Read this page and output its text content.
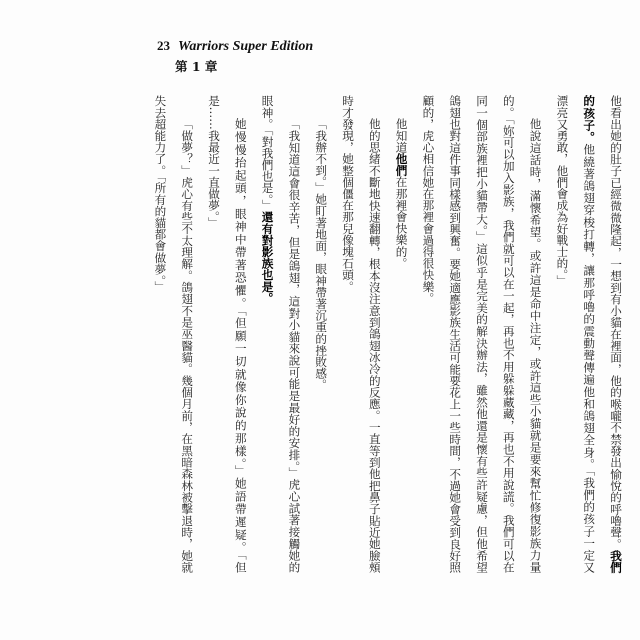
23 Warriors Super Edition
第 1 章
他看出她的肚子已經微微隆起，一想到有小貓在裡面，他的喉嚨不禁發出愉悅的呼嚕聲。我們
的孩子。他繞著鴿翅穿梭打轉，讓那呼嚕的震動聲傳遍他和鴿翅全身。「我們的孩子一定又
漂亮又勇敢，他們會成為好戰士的。」
他說這話時，滿懷希望。或許這是命中注定，或許這些小貓就是要來幫忙修復影族力量
的。「妳可以加入影族，我們就可以在一起，再也不用躲躲藏藏，再也不用說謊。我們可以在
同一個部族裡把小貓帶大。」這似乎是完美的解決辦法，雖然他還是懷有些許疑慮，但他希望
鴿翅也對這件事同樣感到興奮。要她適應影族生活可能要花上一些時間，不過她會受到良好照
顧的，虎心相信她在那裡會過得很快樂。
他知道他們在那裡會快樂的。
他的思緒不斷地快速翻轉，根本沒注意到鴿翅冰冷的反應。一直等到他把鼻子貼近她臉頰
時才發現，她整個僵在那兒像塊石頭。
「我辦不到。」她盯著地面，眼神帶著沉重的挫敗感。
「我知道這會很辛苦，但是鴿翅，這對小貓來說可能是最好的安排。」虎心試著接觸她的
眼神。「對我們也是。」還有對影族也是。
她慢慢抬起頭，眼神中帶著恐懼。「但願一切就像你說的那樣。」她語帶遲疑。「但
是……我最近一直做夢。」
「做夢？」虎心有些不太理解。鴿翅不是巫醫貓。幾個月前，在黑暗森林被擊退時，她就
失去超能力了。「所有的貓都會做夢。」
